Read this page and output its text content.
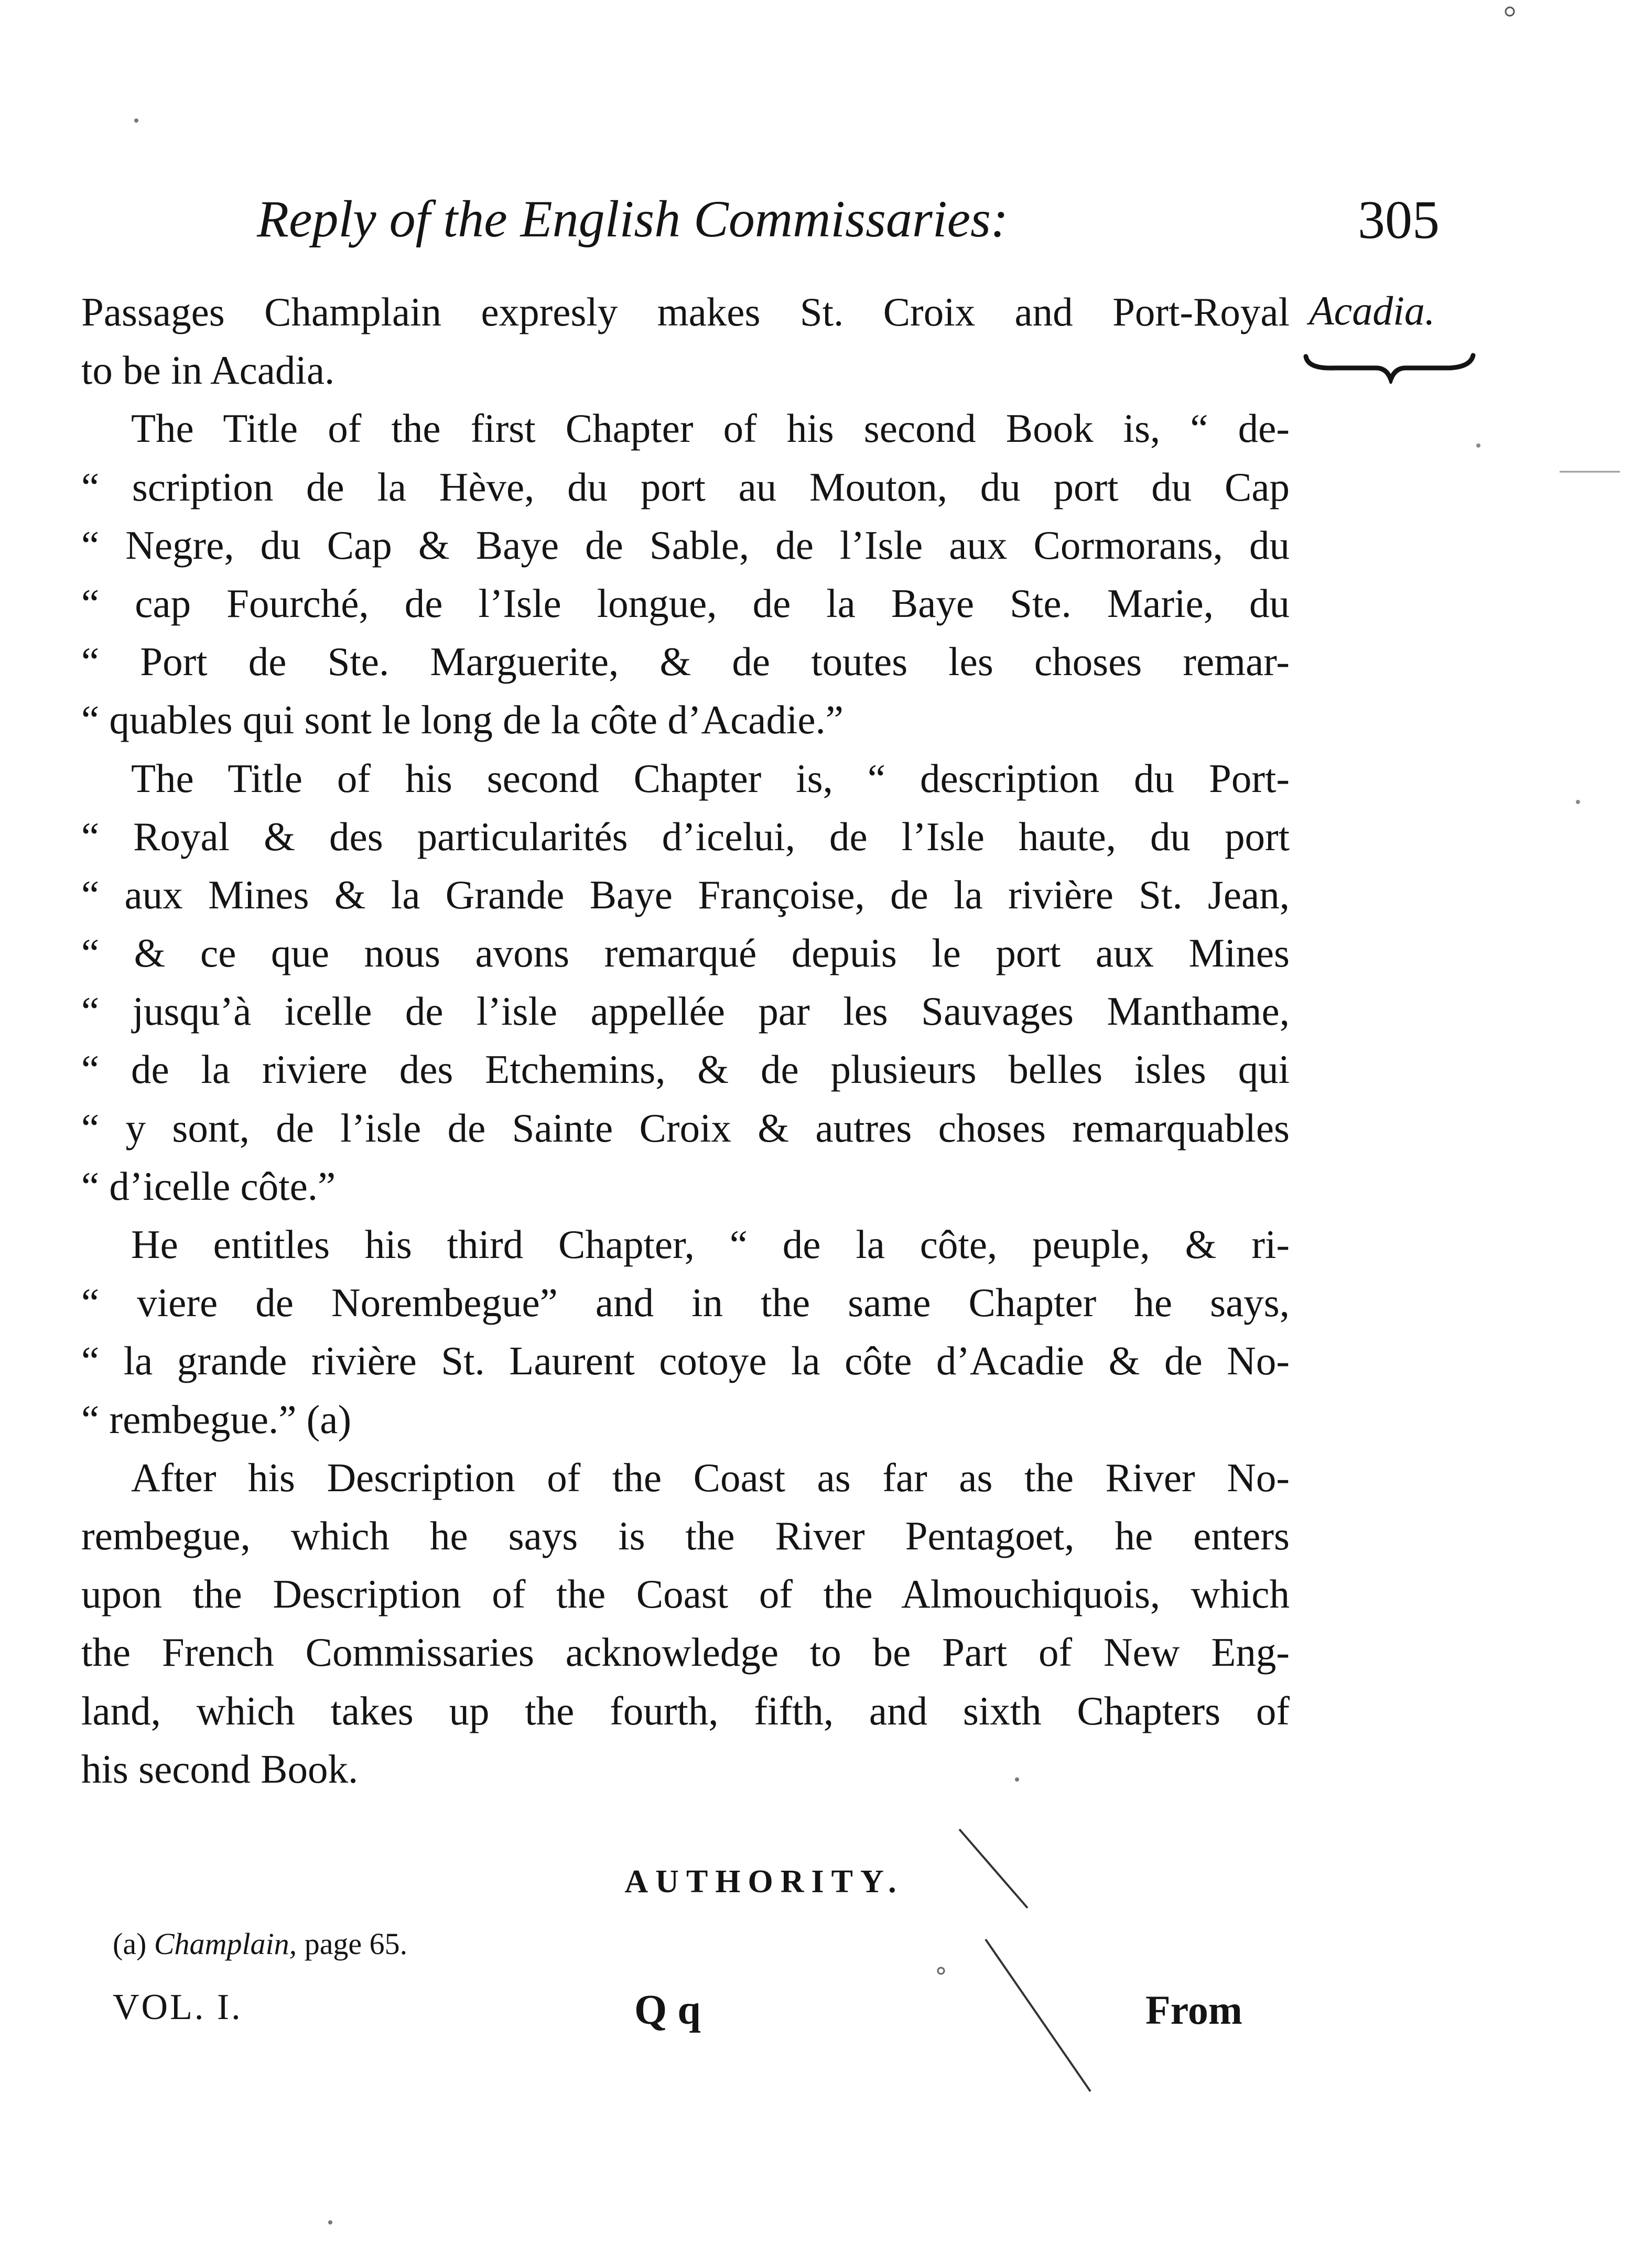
Reply of the English Commissaries:	305
Acadia.

Passages Champlain expresly makes St. Croix and Port-Royal
to be in Acadia.

The Title of the first Chapter of his second Book is, “ de-
“ scription de la Hève, du port au Mouton, du port du Cap
“ Negre, du Cap & Baye de Sable, de l’Isle aux Cormorans, du
“ cap Fourché, de l’Isle longue, de la Baye Ste. Marie, du
“ Port de Ste. Marguerite, & de toutes les choses remar-
“ quables qui sont le long de la côte d’Acadie.”

The Title of his second Chapter is, “ description du Port-
“ Royal & des particularités d’icelui, de l’Isle haute, du port
“ aux Mines & la Grande Baye Françoise, de la rivière St. Jean,
“ & ce que nous avons remarqué depuis le port aux Mines
“ jusqu’à icelle de l’isle appellée par les Sauvages Manthame,
“ de la riviere des Etchemins, & de plusieurs belles isles qui
“ y sont, de l’isle de Sainte Croix & autres choses remarquables
“ d’icelle côte.”

He entitles his third Chapter, “ de la côte, peuple, & ri-
“ viere de Norembegue” and in the same Chapter he says,
“ la grande rivière St. Laurent cotoye la côte d’Acadie & de No-
“ rembegue.” (a)

After his Description of the Coast as far as the River No-
rembegue, which he says is the River Pentagoet, he enters
upon the Description of the Coast of the Almouchiquois, which
the French Commissaries acknowledge to be Part of New Eng-
land, which takes up the fourth, fifth, and sixth Chapters of
his second Book.

AUTHORITY.
(a) Champlain, page 65.
VOL. I.	Q q	From
